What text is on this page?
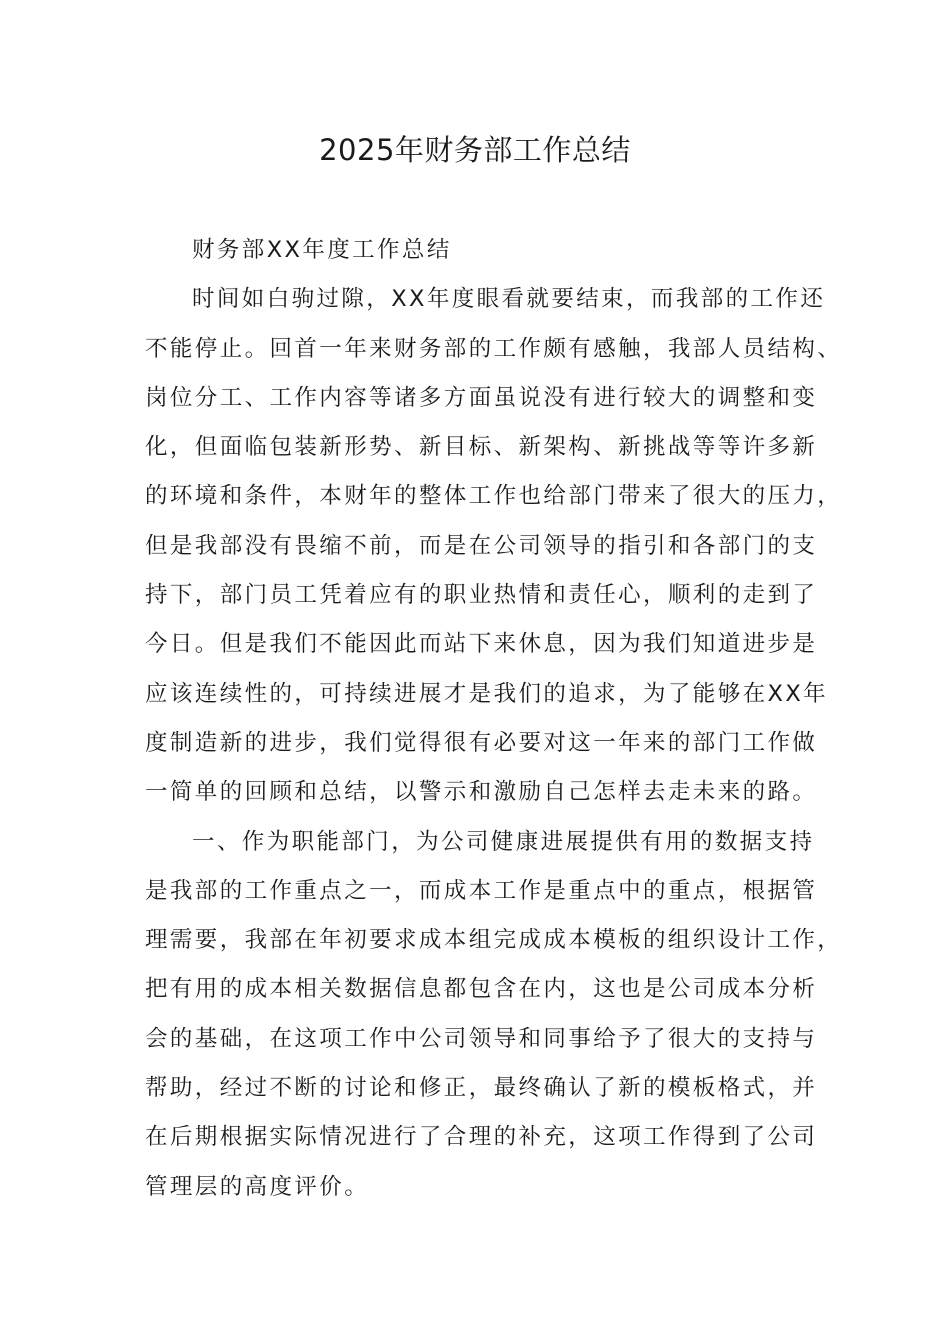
2025年财务部工作总结
财务部XX年度工作总结
时间如白驹过隙，XX年度眼看就要结束，而我部的工作还
不能停止。回首一年来财务部的工作颇有感触，我部人员结构、
岗位分工、工作内容等诸多方面虽说没有进行较大的调整和变
化，但面临包装新形势、新目标、新架构、新挑战等等许多新
的环境和条件，本财年的整体工作也给部门带来了很大的压力，
但是我部没有畏缩不前，而是在公司领导的指引和各部门的支
持下，部门员工凭着应有的职业热情和责任心，顺利的走到了
今日。但是我们不能因此而站下来休息，因为我们知道进步是
应该连续性的，可持续进展才是我们的追求，为了能够在XX年
度制造新的进步，我们觉得很有必要对这一年来的部门工作做
一简单的回顾和总结，以警示和激励自己怎样去走未来的路。
一、作为职能部门，为公司健康进展提供有用的数据支持
是我部的工作重点之一，而成本工作是重点中的重点，根据管
理需要，我部在年初要求成本组完成成本模板的组织设计工作，
把有用的成本相关数据信息都包含在内，这也是公司成本分析
会的基础，在这项工作中公司领导和同事给予了很大的支持与
帮助，经过不断的讨论和修正，最终确认了新的模板格式，并
在后期根据实际情况进行了合理的补充，这项工作得到了公司
管理层的高度评价。
